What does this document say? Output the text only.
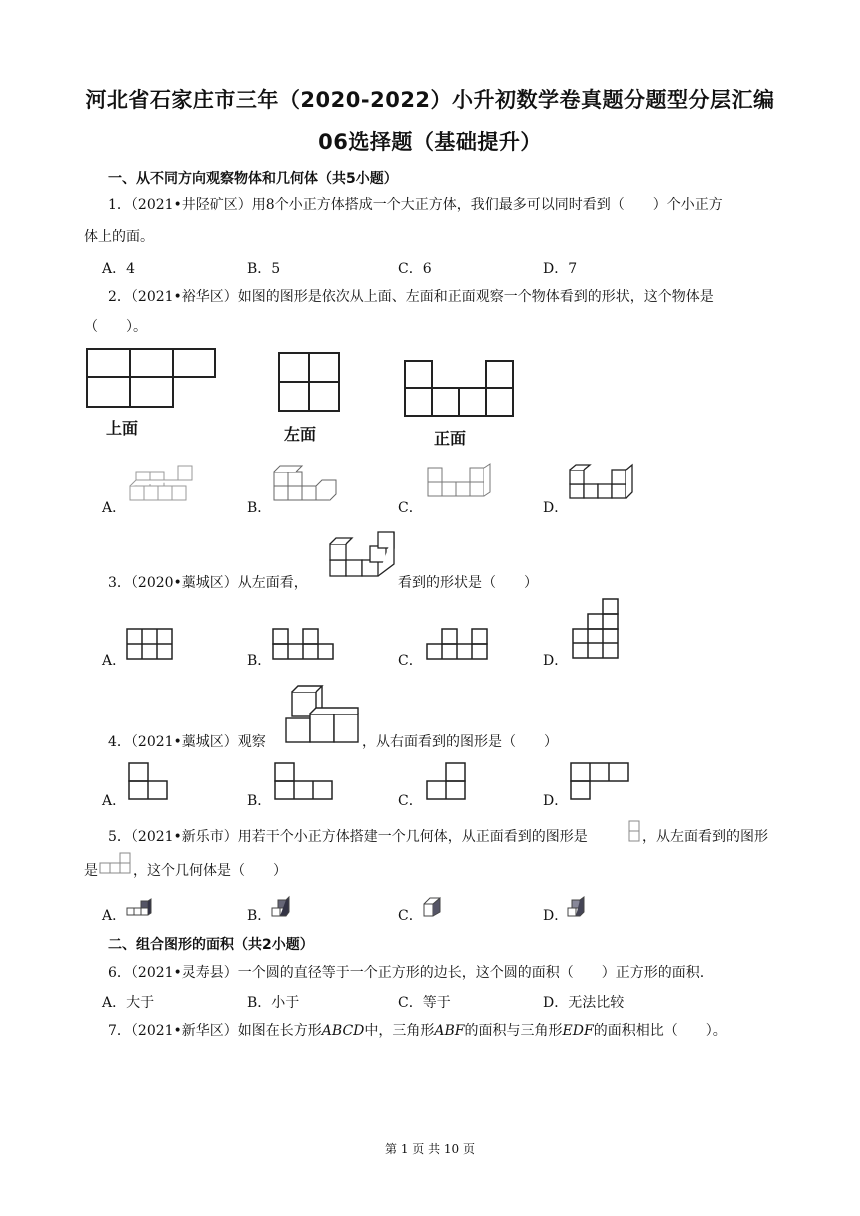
河北省石家庄市三年（2020-2022）小升初数学卷真题分题型分层汇编
06选择题（基础提升）
一、从不同方向观察物体和几何体（共5小题）
1．（2021•井陉矿区）用8个小正方体搭成一个大正方体，我们最多可以同时看到（　　）个小正方
体上的面。
A．4	B．5	C．6	D．7
2．（2021•裕华区）如图的图形是依次从上面、左面和正面观察一个物体看到的形状，这个物体是
（　　）。
上面	左面	正面
A．	B．	C．	D．
3．（2020•藁城区）从左面看，	看到的形状是（　　）
A．	B．	C．	D．
4．（2021•藁城区）观察	，从右面看到的图形是（　　）
A．	B．	C．	D．
5．（2021•新乐市）用若干个小正方体搭建一个几何体，从正面看到的图形是	，从左面看到的图形
是	，这个几何体是（　　）
A．	B．	C．	D．
二、组合图形的面积（共2小题）
6．（2021•灵寿县）一个圆的直径等于一个正方形的边长，这个圆的面积（　　）正方形的面积.
A．大于	B．小于	C．等于	D．无法比较
7．（2021•新华区）如图在长方形ABCD中，三角形ABF的面积与三角形EDF的面积相比（　　）。
第 1 页 共 10 页
